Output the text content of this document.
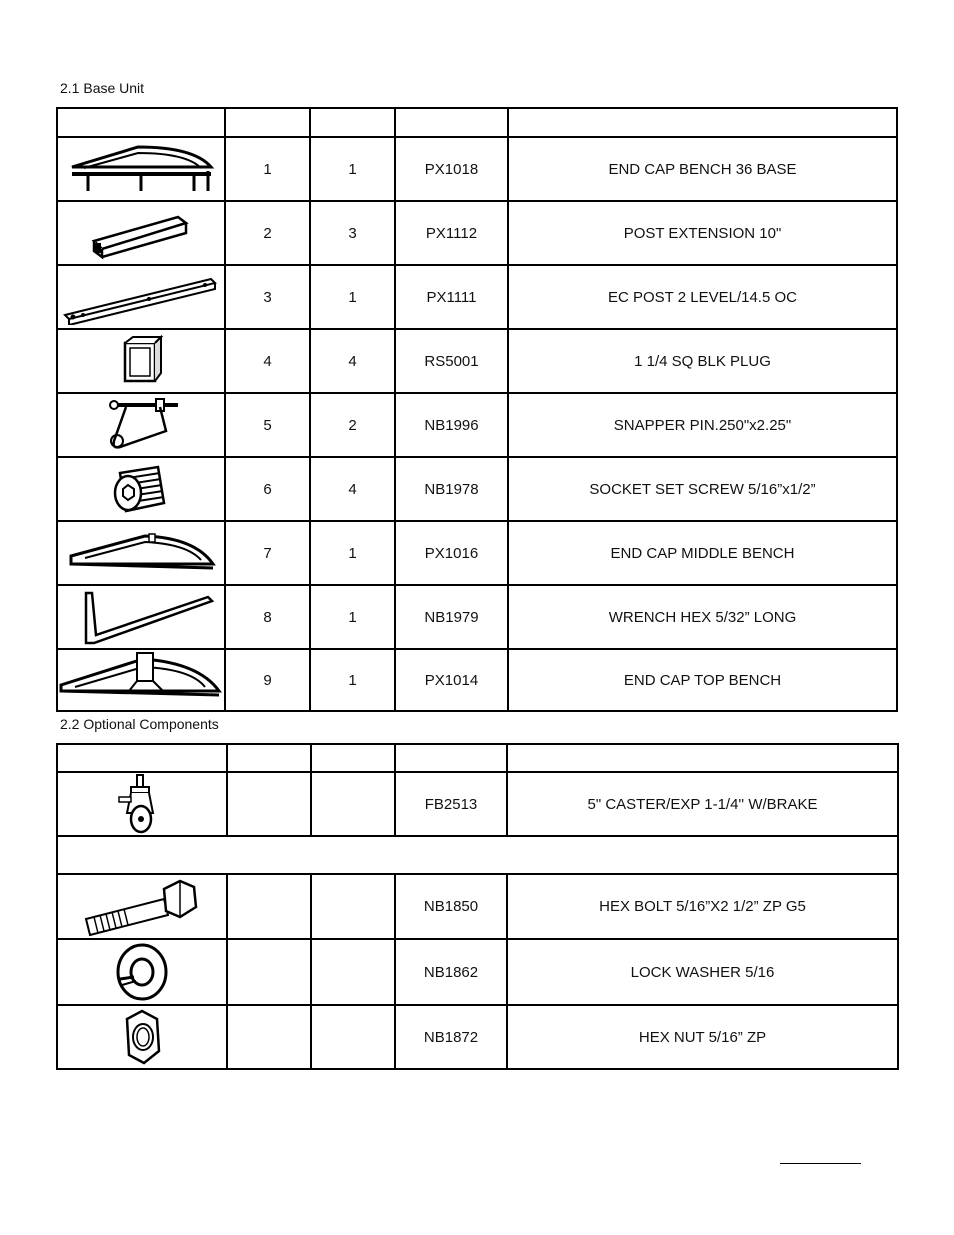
2.1 Base Unit

	1	1	PX1018	END CAP BENCH 36 BASE

	2	3	PX1112	POST EXTENSION 10"

	3	1	PX1111	EC POST 2 LEVEL/14.5 OC

	4	4	RS5001	1 1/4 SQ BLK PLUG

	5	2	NB1996	SNAPPER PIN.250"x2.25"

	6	4	NB1978	SOCKET SET SCREW 5/16”x1/2”

	7	1	PX1016	END CAP MIDDLE BENCH

	8	1	NB1979	WRENCH HEX 5/32” LONG

	9	1	PX1014	END CAP TOP BENCH
2.2 Optional Components

			FB2513	5" CASTER/EXP 1-1/4'' W/BRAKE

			NB1850	HEX BOLT 5/16”X2 1/2” ZP G5

			NB1862	LOCK WASHER 5/16

			NB1872	HEX NUT 5/16” ZP
